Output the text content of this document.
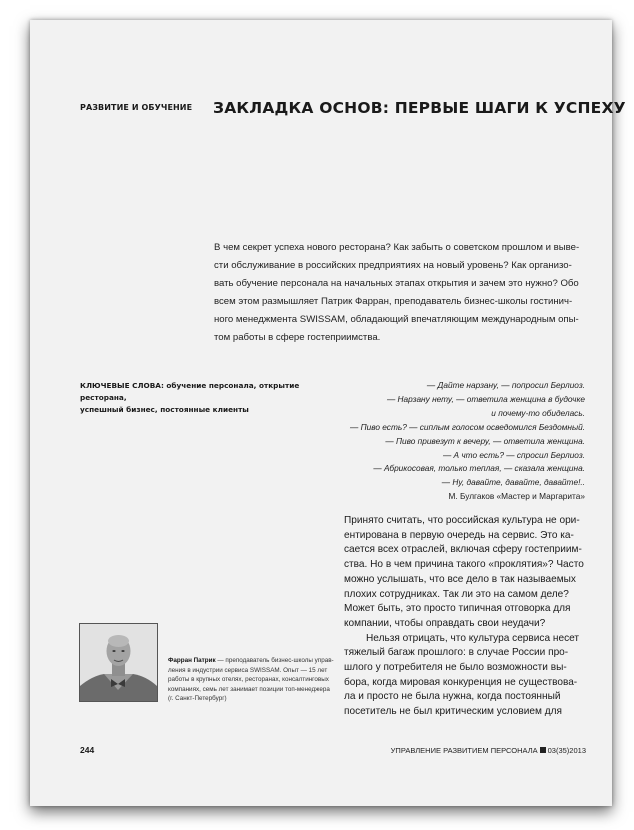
РАЗВИТИЕ И ОБУЧЕНИЕ ЗАКЛАДКА ОСНОВ: ПЕРВЫЕ ШАГИ К УСПЕХУ
В чем секрет успеха нового ресторана? Как забыть о советском прошлом и выве-
сти обслуживание в российских предприятиях на новый уровень? Как организо-
вать обучение персонала на начальных этапах открытия и зачем это нужно? Обо
всем этом размышляет Патрик Фарран, преподаватель бизнес-школы гостинич-
ного менеджмента SWISSAM, обладающий впечатляющим международным опы-
том работы в сфере гостеприимства.
КЛЮЧЕВЫЕ СЛОВА: обучение персонала, открытие ресторана,
успешный бизнес, постоянные клиенты
— Дайте нарзану, — попросил Берлиоз.
— Нарзану нету, — ответила женщина в будочке
и почему-то обиделась.
— Пиво есть? — сиплым голосом осведомился Бездомный.
— Пиво привезут к вечеру, — ответила женщина.
— А что есть? — спросил Берлиоз.
— Абрикосовая, только теплая, — сказала женщина.
— Ну, давайте, давайте, давайте!..
М. Булгаков «Мастер и Маргарита»
Принято считать, что российская культура не ори-
ентирована в первую очередь на сервис. Это ка-
сается всех отраслей, включая сферу гостеприим-
ства. Но в чем причина такого «проклятия»? Часто
можно услышать, что все дело в так называемых
плохих сотрудниках. Так ли это на самом деле?
Может быть, это просто типичная отговорка для
компании, чтобы оправдать свои неудачи?
Нельзя отрицать, что культура сервиса несет
тяжелый багаж прошлого: в случае России про-
шлого у потребителя не было возможности вы-
бора, когда мировая конкуренция не существова-
ла и просто не была нужна, когда постоянный
посетитель не был критическим условием для
Фарран Патрик — преподаватель бизнес-школы управ-
ления в индустрии сервиса SWISSAM. Опыт — 15 лет
работы в крупных отелях, ресторанах, консалтинговых
компаниях, семь лет занимает позиции топ-менеджера
(г. Санкт-Петербург)
244	УПРАВЛЕНИЕ РАЗВИТИЕМ ПЕРСОНАЛА 03(35)2013
